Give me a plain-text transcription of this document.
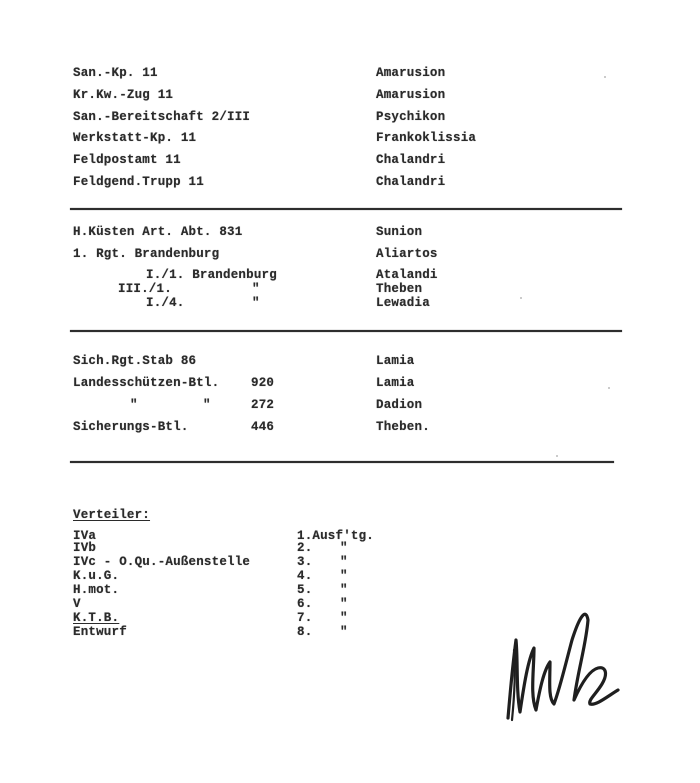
San.-Kp. 11	Amarusion
Kr.Kw.-Zug 11	Amarusion
San.-Bereitschaft 2/III	Psychikon
Werkstatt-Kp. 11	Frankoklissia
Feldpostamt 11	Chalandri
Feldgend.Trupp 11	Chalandri
H.Küsten Art. Abt. 831	Sunion
1. Rgt. Brandenburg	Aliartos
I./1. Brandenburg	Atalandi
III./1.	"	Theben
I./4.	"	Lewadia
Sich.Rgt.Stab 86	Lamia
Landesschützen-Btl.	920	Lamia
"	"	272	Dadion
Sicherungs-Btl.	446	Theben.
Verteiler:
IVa	1.Ausf'tg.
IVb	2. "
IVc - O.Qu.-Außenstelle	3. "
K.u.G.	4. "
H.mot.	5. "
V	6. "
K.T.B.	7. "
Entwurf	8. "
